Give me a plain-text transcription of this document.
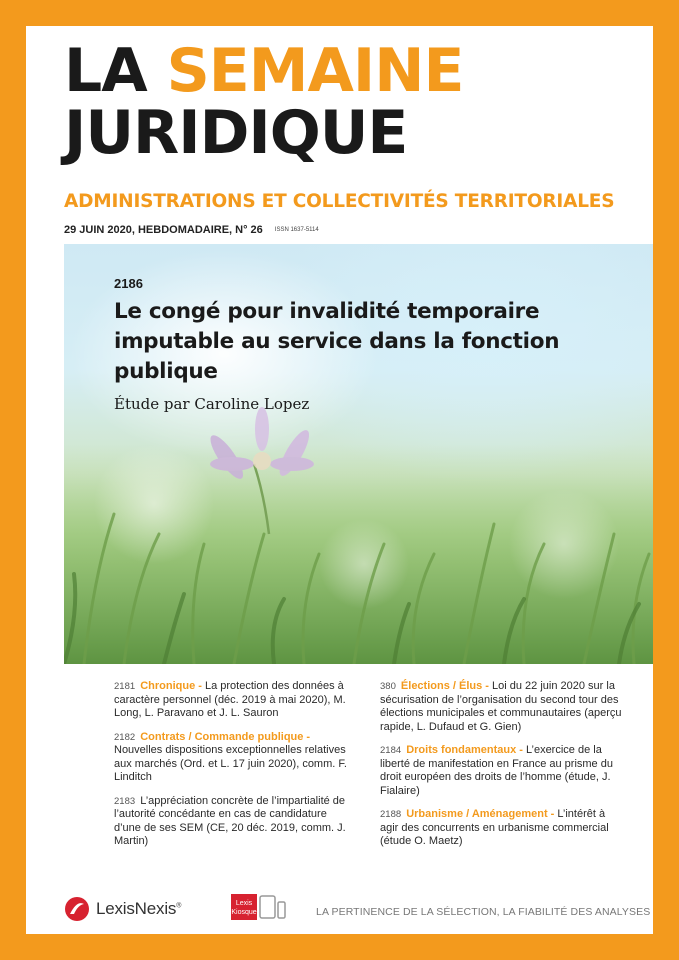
LA SEMAINE
JURIDIQUE
ADMINISTRATIONS ET COLLECTIVITÉS TERRITORIALES
29 JUIN 2020, HEBDOMADAIRE, N° 26 ISSN 1637-5114
2186
Le congé pour invalidité temporaire imputable au service dans la fonction publique
Étude par Caroline Lopez
2181 Chronique - La protection des données à caractère personnel (déc. 2019 à mai 2020), M. Long, L. Paravano et J. L. Sauron
2182 Contrats / Commande publique - Nouvelles dispositions exceptionnelles relatives aux marchés (Ord. et L. 17 juin 2020), comm. F. Linditch
2183 L’appréciation concrète de l’impartialité de l’autorité concédante en cas de candidature d’une de ses SEM (CE, 20 déc. 2019, comm. J. Martin)
380 Élections / Élus - Loi du 22 juin 2020 sur la sécurisation de l’organisation du second tour des élections municipales et communautaires (aperçu rapide, L. Dufaud et G. Gien)
2184 Droits fondamentaux - L’exercice de la liberté de manifestation en France au prisme du droit européen des droits de l’homme (étude, J. Fialaire)
2188 Urbanisme / Aménagement - L’intérêt à agir des concurrents en urbanisme commercial (étude O. Maetz)
LexisNexis®	Lexis
Kiosque	LA PERTINENCE DE LA SÉLECTION, LA FIABILITÉ DES ANALYSES
